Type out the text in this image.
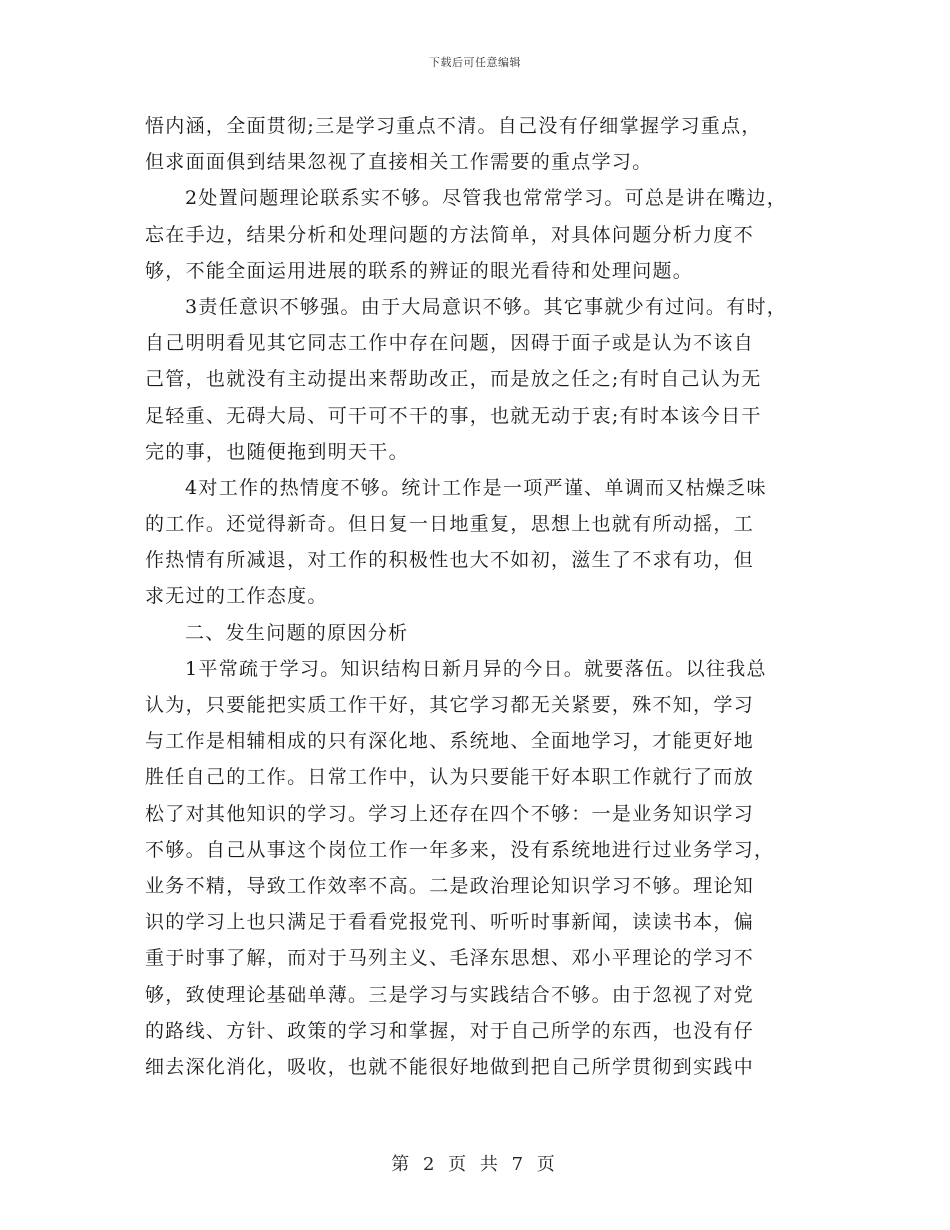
下载后可任意编辑
悟内涵，全面贯彻;三是学习重点不清。自己没有仔细掌握学习重点，
但求面面俱到结果忽视了直接相关工作需要的重点学习。
2处置问题理论联系实不够。尽管我也常常学习。可总是讲在嘴边，
忘在手边，结果分析和处理问题的方法简单，对具体问题分析力度不
够，不能全面运用进展的联系的辨证的眼光看待和处理问题。
3责任意识不够强。由于大局意识不够。其它事就少有过问。有时，
自己明明看见其它同志工作中存在问题，因碍于面子或是认为不该自
己管，也就没有主动提出来帮助改正，而是放之任之;有时自己认为无
足轻重、无碍大局、可干可不干的事，也就无动于衷;有时本该今日干
完的事，也随便拖到明天干。
4对工作的热情度不够。统计工作是一项严谨、单调而又枯燥乏味
的工作。还觉得新奇。但日复一日地重复，思想上也就有所动摇，工
作热情有所减退，对工作的积极性也大不如初，滋生了不求有功，但
求无过的工作态度。
二、发生问题的原因分析
1平常疏于学习。知识结构日新月异的今日。就要落伍。以往我总
认为，只要能把实质工作干好，其它学习都无关紧要，殊不知，学习
与工作是相辅相成的只有深化地、系统地、全面地学习，才能更好地
胜任自己的工作。日常工作中，认为只要能干好本职工作就行了而放
松了对其他知识的学习。学习上还存在四个不够：一是业务知识学习
不够。自己从事这个岗位工作一年多来，没有系统地进行过业务学习，
业务不精，导致工作效率不高。二是政治理论知识学习不够。理论知
识的学习上也只满足于看看党报党刊、听听时事新闻，读读书本，偏
重于时事了解，而对于马列主义、毛泽东思想、邓小平理论的学习不
够，致使理论基础单薄。三是学习与实践结合不够。由于忽视了对党
的路线、方针、政策的学习和掌握，对于自己所学的东西，也没有仔
细去深化消化，吸收，也就不能很好地做到把自己所学贯彻到实践中
第 2 页 共 7 页
